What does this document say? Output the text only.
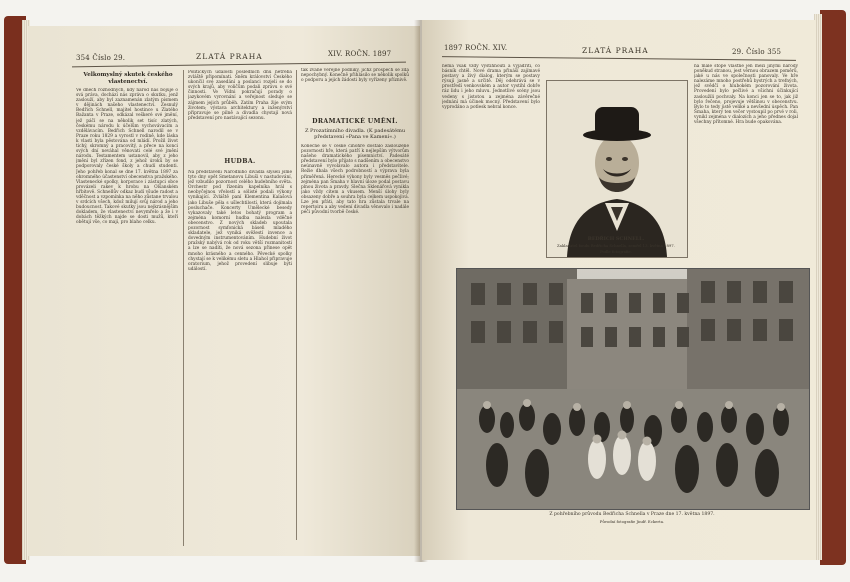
354 Číslo 29.	ZLATÁ PRAHA	XIV. ROČN. 1897
Velkomyslný skutek českého vlastenectví.

Ve dnech rozhodných, kdy národ náš bojuje o svá práva, dochází nás zpráva o skutku, jenž zaslouží, aby byl zaznamenán zlatým písmem v dějinách našeho vlastenectví. Zesnulý Bedřich Schnell, majitel hostince u Zlatého Bažanta v Praze, odkázal veškeré své jmění, jež páčí se na několik set tisíc zlatých, českému národu k účelům vychovávacím a vzdělávacím. Bedřich Schnell narodil se v Praze roku 1829 a vyrostl v rodině, kde láska k vlasti byla pěstována od mládí. Prožil život tichý, skromný a pracovitý, a přece na konci svých dní neváhal věnovati celé své jmění národu. Testamentem ustanovil, aby z jeho jmění byl zřízen fond, z jehož úroků by se podporovaly české školy a chudí studenti. Jeho pohřeb konal se dne 17. května 1897 za ohromného účastenství obecenstva pražského. Vlastenecké spolky, korporace i zástupci obce provázeli rakev k hrobu na Olšanském hřbitově. Schnellův odkaz budí všude radost a vděčnost a vzpomínka na něho zůstane trvalou v srdcích všech, kdož milují svůj národ a jeho budoucnost. Takové skutky jsou nejkrásnějším dokladem, že vlastenectví nevymřelo a že i v dobách těžkých najde se dosti mužů, kteří obětují vše, co mají, pro blaho celku.

Politických událostí posledních dnů netřeba zvláště připomínati. Sněm království Českého ukončil své zasedání a poslanci rozjeli se do svých krajů, aby voličům podali zprávu o své činnosti. Ve Vídni pokračují porady o jazykovém vyrovnání a veřejnost sleduje se zájmem jejich průběh. Zatím Praha žije svým životem; výstava architektury a inženýrství připravuje se pilně a divadla chystají nová představení pro nastávající sezonu.

HUDBA.

Na představení Národního divadla slyšeli jsme tyto dny opět Smetanovu Libuši v nastudování, jež vzbudilo pozornost celého hudebního světa. Orchestr pod řízením kapelníka hrál s neobyčejnou vřelostí a sólisté podali výkony vynikající. Zvláště paní Klementina Kalašová jako Libuše pěla s ušlechtilostí, která dojímala posluchače. Koncerty Umělecké besedy vykazovaly také letos bohatý program a zejména komorní hudba nalezla vděčné obecenstvo. Z nových skladeb upoutala pozornost symfonická báseň mladého skladatele, jež vyniká svěžestí invence a dovedným instrumentováním. Hudební život pražský nabývá rok od roku větší rozmanitosti a lze se nadíti, že nová sezona přinese opět mnoho krásného a cenného. Pěvecké spolky chystají se k velikému sletu a Hlahol připravuje oratorium, jehož provedení slibuje býti událostí.

tak zvané veřejné podniky, jichž prospěch se zdá nepochybný. Konečně přihlásilo se několik spolků o podporu a jejich žádosti byly vyřízeny příznivě.

DRAMATICKÉ UMĚNÍ.
Z Prozatímního divadla. (K padesátému představení »Pana ve Kamení«.)

Konečně se v české činohře dostalo zasloužené pozornosti hře, která patří k nejlepším výtvorům našeho dramatického písemnictví. Padesáté představení bylo přijato s nadšením a obecenstvo neúnavně vyvolávalo autora i představitele. Režie dbala všech podrobností a výprava byla přiměřená. Herecké výkony byly vesměs pečlivé; zejména pan Šmaha v hlavní úloze podal postavu plnou života a pravdy. Slečna Sklenářová vynikla jako vždy citem a vkusem. Menší úlohy byly obsazeny dobře a souhra byla celkem uspokojivá. Lze jen přáti, aby tato hra zůstala trvale na repertoiru a aby vedení divadla věnovalo i nadále péči původní tvorbě české.

1897 ROČN. XIV.	ZLATÁ PRAHA	29. Číslo 355

nemá však vždy vystihnouti a vyjádřiti, co básník chtěl. Nové drama přináší zajímavé postavy a živý dialog, kterým se postavy rýsují jasně a určitě. Děj odehrává se v prostředí venkovském a autor vystihl dobře ráz lidu i jeho mluvu. Jednotlivé scény jsou vedeny s jistotou a zejména závěrečné jednání má účinek mocný. Představení bylo vyprodáno a potlesk nebral konce.

BEDŘICH SCHNELL.
Zakladatel fondu Bedřicha Schnella, zemřel 13. května 1897.
Podle fotografie.

na malé stopě vlastně jen mezi jinými národy poněkud stranou, jest věrnou obrazem poměrů, jaké u nás ve společnosti panovaly. Ve hře nalezáme mnoho postřehů bystrých a trefných, jež svědčí o hlubokém pozorování života. Provedení bylo pečlivé a všichni účinkující zasloužili pochvaly. Na konci jen se to, jak již bylo řečeno, projevuje většinou v obecenstvu. Bylo to tedy jistě veliké a nevšední úspěch. Pan Šmaha, který ten večer vystoupil po prvé v roli, vynikl zejména v dialozích a jeho přednes dojal všechny přítomné. Hra bude opakována.

Z pohřebního průvodu Bedřicha Schnella v Praze dne 17. května 1897.
Původní fotografie Jindř. Eckerta.
